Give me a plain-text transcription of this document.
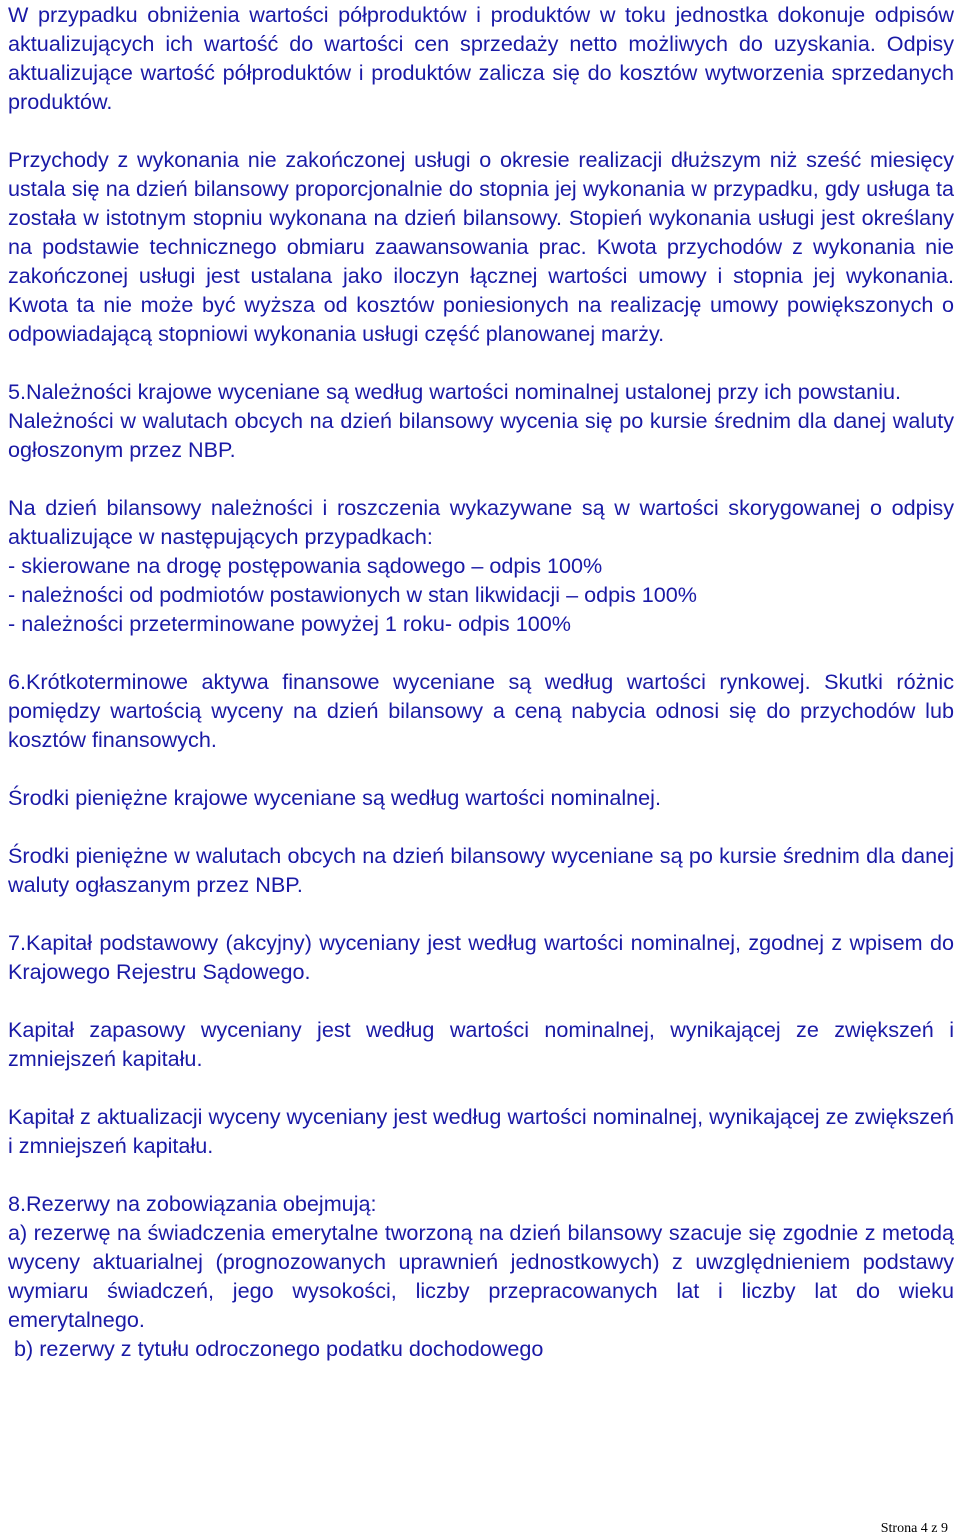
W przypadku obniżenia wartości półproduktów i produktów w toku jednostka dokonuje odpisów aktualizujących ich wartość do wartości cen sprzedaży netto możliwych do uzyskania. Odpisy aktualizujące wartość półproduktów i produktów zalicza się do kosztów wytworzenia sprzedanych produktów.

Przychody z wykonania nie zakończonej usługi o okresie realizacji dłuższym niż sześć miesięcy ustala się na dzień bilansowy proporcjonalnie do stopnia jej wykonania w przypadku, gdy usługa ta została w istotnym stopniu wykonana na dzień bilansowy. Stopień wykonania usługi jest określany na podstawie technicznego obmiaru zaawansowania prac. Kwota przychodów z wykonania nie zakończonej usługi jest ustalana jako iloczyn łącznej wartości umowy i stopnia jej wykonania. Kwota ta nie może być wyższa od kosztów poniesionych na realizację umowy powiększonych o odpowiadającą stopniowi wykonania usługi część planowanej marży.

5.Należności krajowe wyceniane są według wartości nominalnej ustalonej przy ich powstaniu.

Należności w walutach obcych na dzień bilansowy wycenia się po kursie średnim dla danej waluty ogłoszonym przez NBP.

Na dzień bilansowy należności i roszczenia wykazywane są w wartości skorygowanej o odpisy aktualizujące w następujących przypadkach:

- skierowane na drogę postępowania sądowego – odpis 100%
- należności od podmiotów postawionych w stan likwidacji – odpis 100%
- należności przeterminowane powyżej 1 roku- odpis 100%

6.Krótkoterminowe aktywa finansowe wyceniane są według wartości rynkowej. Skutki różnic pomiędzy wartością wyceny na dzień bilansowy a ceną nabycia odnosi się do przychodów lub kosztów finansowych.

Środki pieniężne krajowe wyceniane są według wartości nominalnej.

Środki pieniężne w walutach obcych na dzień bilansowy wyceniane są po kursie średnim dla danej waluty ogłaszanym przez NBP.

7.Kapitał podstawowy (akcyjny) wyceniany jest według wartości nominalnej, zgodnej z wpisem do Krajowego Rejestru Sądowego.

Kapitał zapasowy wyceniany jest według wartości nominalnej, wynikającej ze zwiększeń i zmniejszeń kapitału.

Kapitał z aktualizacji wyceny wyceniany jest według wartości nominalnej, wynikającej ze zwiększeń i zmniejszeń kapitału.

8.Rezerwy na zobowiązania obejmują:

a) rezerwę na świadczenia emerytalne tworzoną na dzień bilansowy szacuje się zgodnie z metodą wyceny aktuarialnej (prognozowanych uprawnień jednostkowych) z uwzględnieniem podstawy wymiaru świadczeń, jego wysokości, liczby przepracowanych lat i liczby lat do wieku emerytalnego.

b) rezerwy z tytułu odroczonego podatku dochodowego

Strona 4 z 9
